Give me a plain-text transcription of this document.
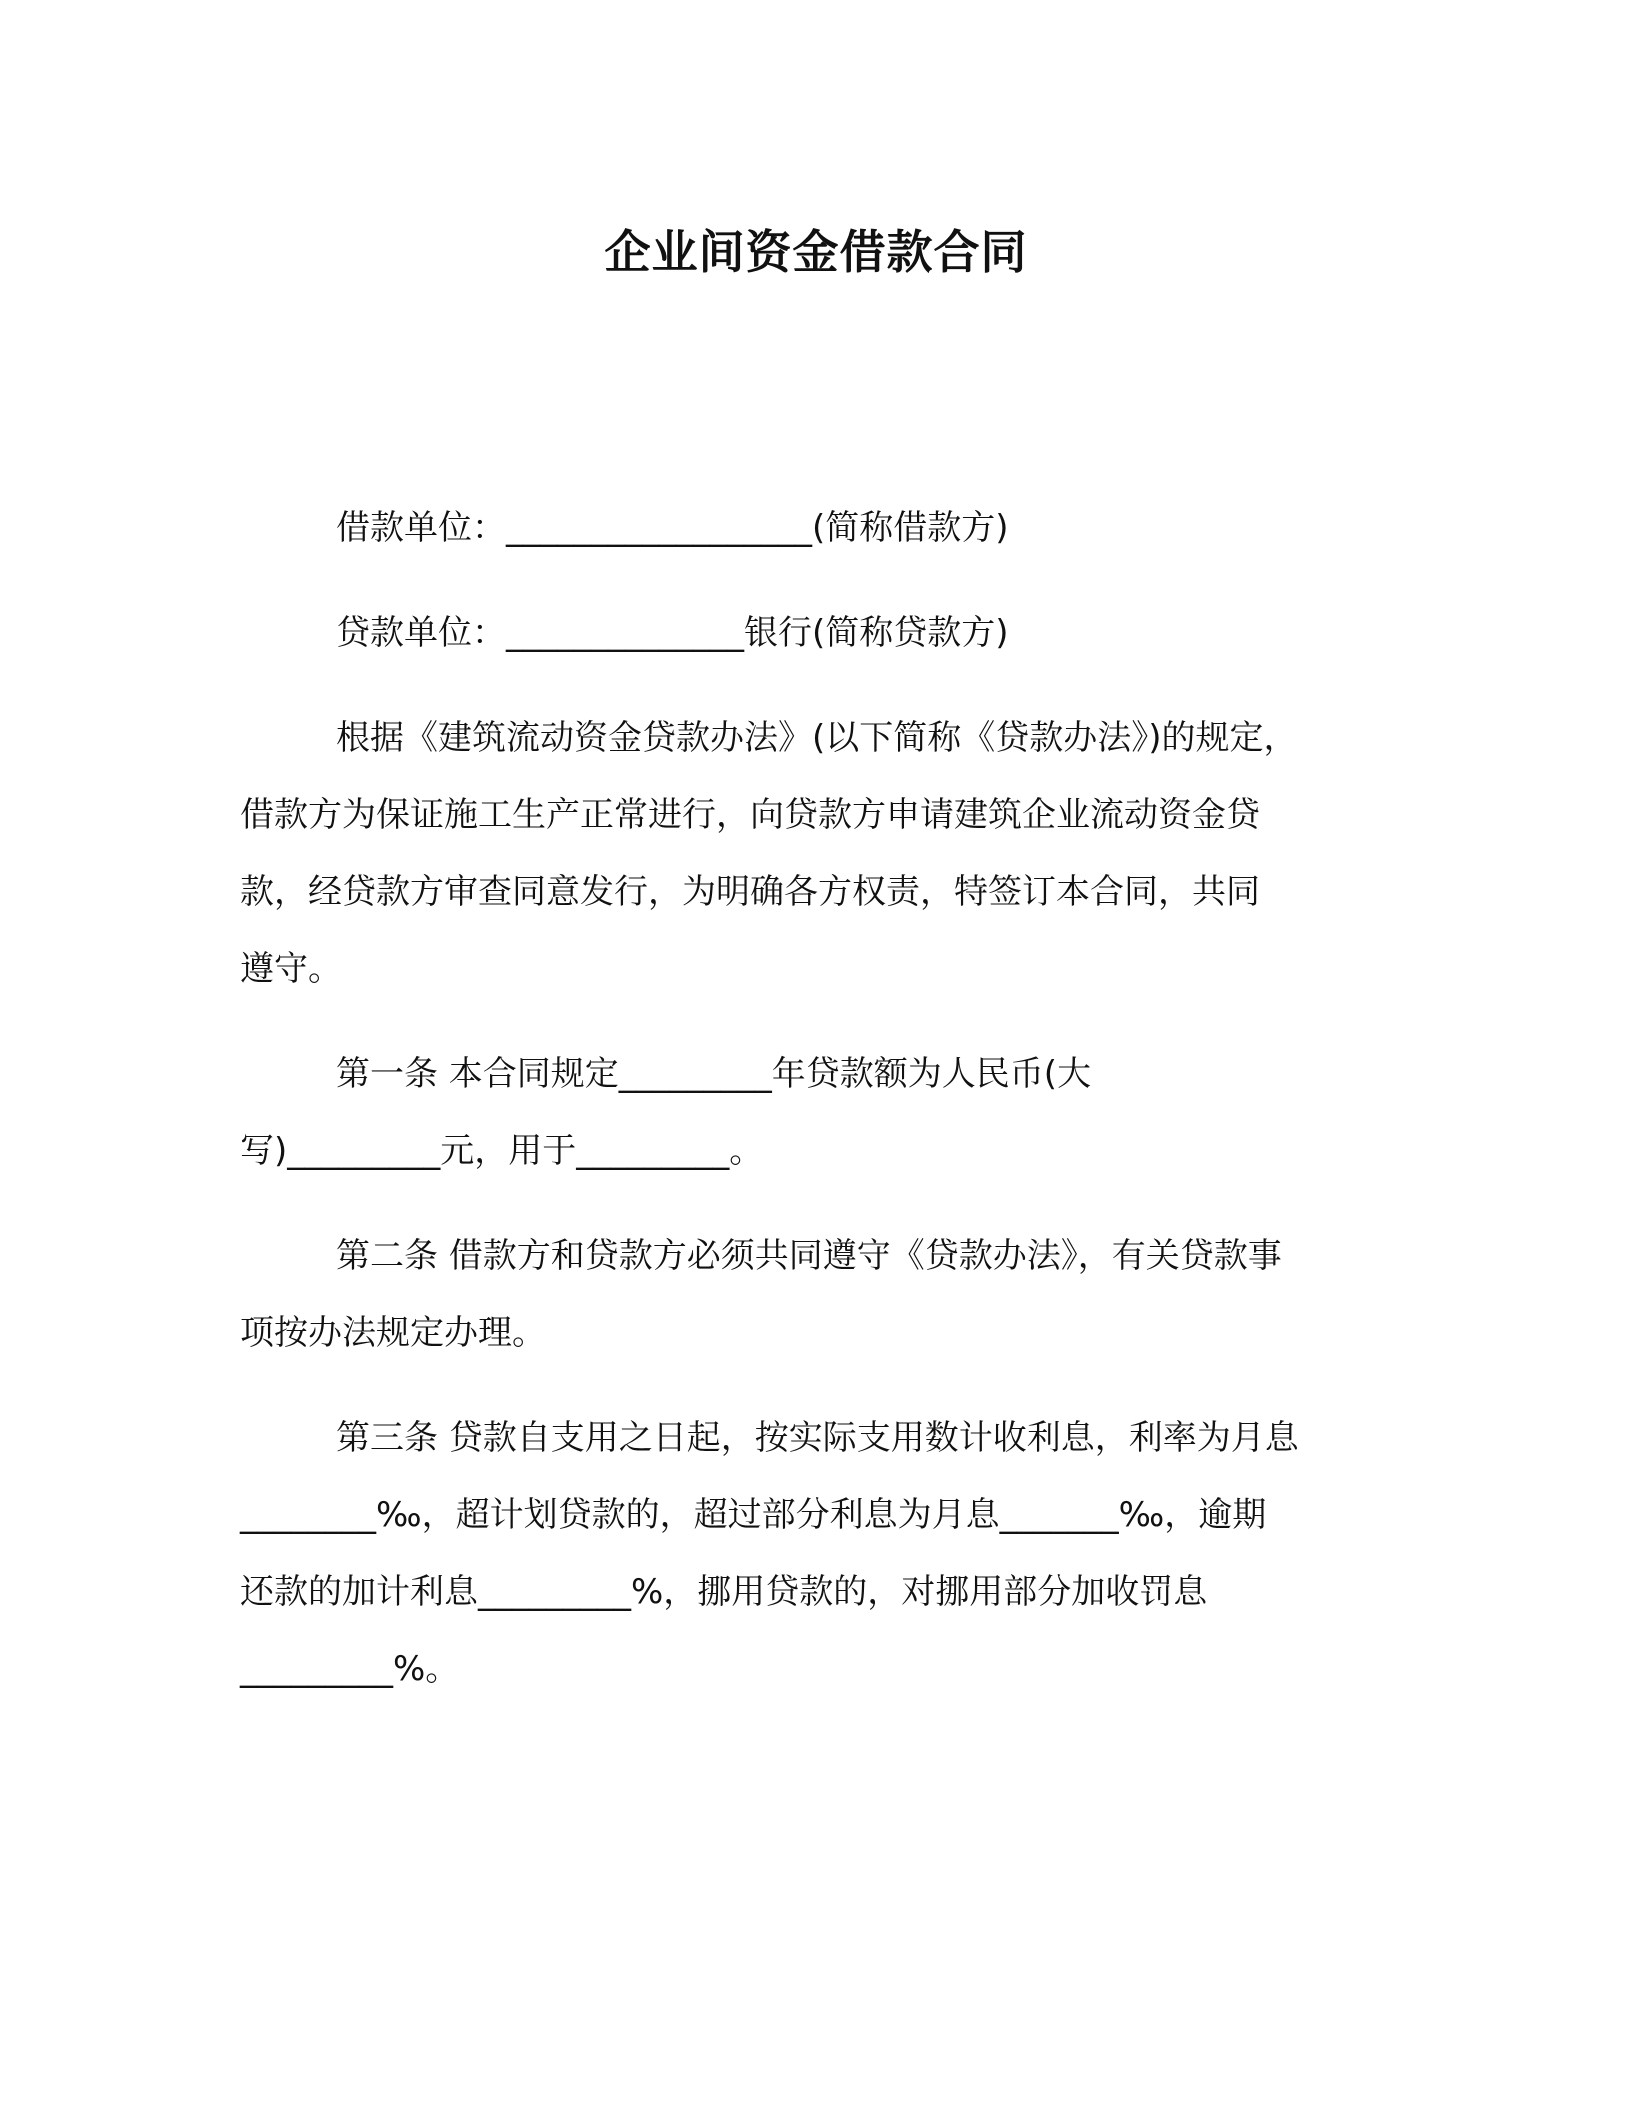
企业间资金借款合同
借款单位：__________________(简称借款方)
贷款单位：______________银行(简称贷款方)
根据《建筑流动资金贷款办法》(以下简称《贷款办法》)的规定，
借款方为保证施工生产正常进行，向贷款方申请建筑企业流动资金贷
款，经贷款方审查同意发行，为明确各方权责，特签订本合同，共同
遵守。
第一条 本合同规定_________年贷款额为人民币(大
写)_________元，用于_________。
第二条 借款方和贷款方必须共同遵守《贷款办法》，有关贷款事
项按办法规定办理。
第三条 贷款自支用之日起，按实际支用数计收利息，利率为月息
________‰，超计划贷款的，超过部分利息为月息_______‰，逾期
还款的加计利息_________%，挪用贷款的，对挪用部分加收罚息
_________%。
